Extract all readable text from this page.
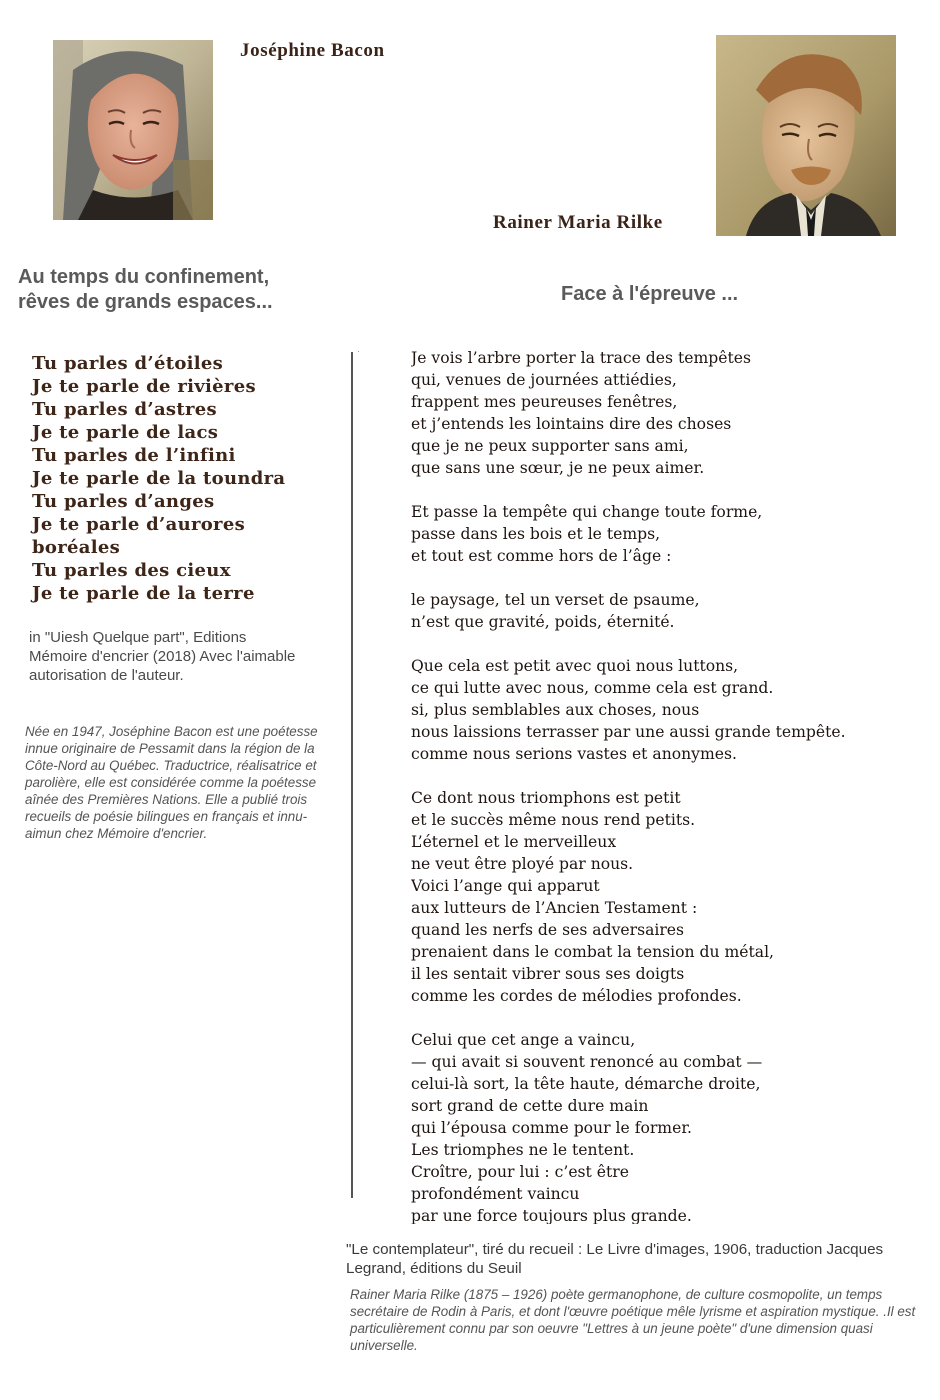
Joséphine Bacon
Rainer Maria Rilke
Au temps du confinement,
rêves de grands espaces...	Face à l'épreuve ...
Tu parles d’étoiles
Je te parle de rivières
Tu parles d’astres
Je te parle de lacs
Tu parles de l’infini
Je te parle de la toundra
Tu parles d’anges
Je te parle d’aurores
boréales
Tu parles des cieux
Je te parle de la terre
in "Uiesh Quelque part", Editions Mémoire d'encrier (2018) Avec l'aimable autorisation de l'auteur.
Née en 1947, Joséphine Bacon est une poétesse innue originaire de Pessamit dans la région de la Côte-Nord au Québec. Traductrice, réalisatrice et parolière, elle est considérée comme la poétesse aînée des Premières Nations. Elle a publié trois recueils de poésie bilingues en français et innu-aimun chez Mémoire d'encrier.
Je vois l’arbre porter la trace des tempêtes
qui, venues de journées attiédies,
frappent mes peureuses fenêtres,
et j’entends les lointains dire des choses
que je ne peux supporter sans ami,
que sans une sœur, je ne peux aimer.
Et passe la tempête qui change toute forme,
passe dans les bois et le temps,
et tout est comme hors de l’âge :
le paysage, tel un verset de psaume,
n’est que gravité, poids, éternité.
Que cela est petit avec quoi nous luttons,
ce qui lutte avec nous, comme cela est grand.
si, plus semblables aux choses, nous
nous laissions terrasser par une aussi grande tempête.
comme nous serions vastes et anonymes.
Ce dont nous triomphons est petit
et le succès même nous rend petits.
L’éternel et le merveilleux
ne veut être ployé par nous.
Voici l’ange qui apparut
aux lutteurs de l’Ancien Testament :
quand les nerfs de ses adversaires
prenaient dans le combat la tension du métal,
il les sentait vibrer sous ses doigts
comme les cordes de mélodies profondes.
Celui que cet ange a vaincu,
— qui avait si souvent renoncé au combat —
celui-là sort, la tête haute, démarche droite,
sort grand de cette dure main
qui l’épousa comme pour le former.
Les triomphes ne le tentent.
Croître, pour lui : c’est être
profondément vaincu
par une force toujours plus grande.
"Le contemplateur", tiré du recueil : Le Livre d'images, 1906, traduction Jacques Legrand, éditions du Seuil
Rainer Maria Rilke (1875 – 1926) poète germanophone, de culture cosmopolite, un temps secrétaire de Rodin à Paris, et dont l'œuvre poétique mêle lyrisme et aspiration mystique. .Il est particulièrement connu par son oeuvre "Lettres à un jeune poète" d'une dimension quasi universelle.
